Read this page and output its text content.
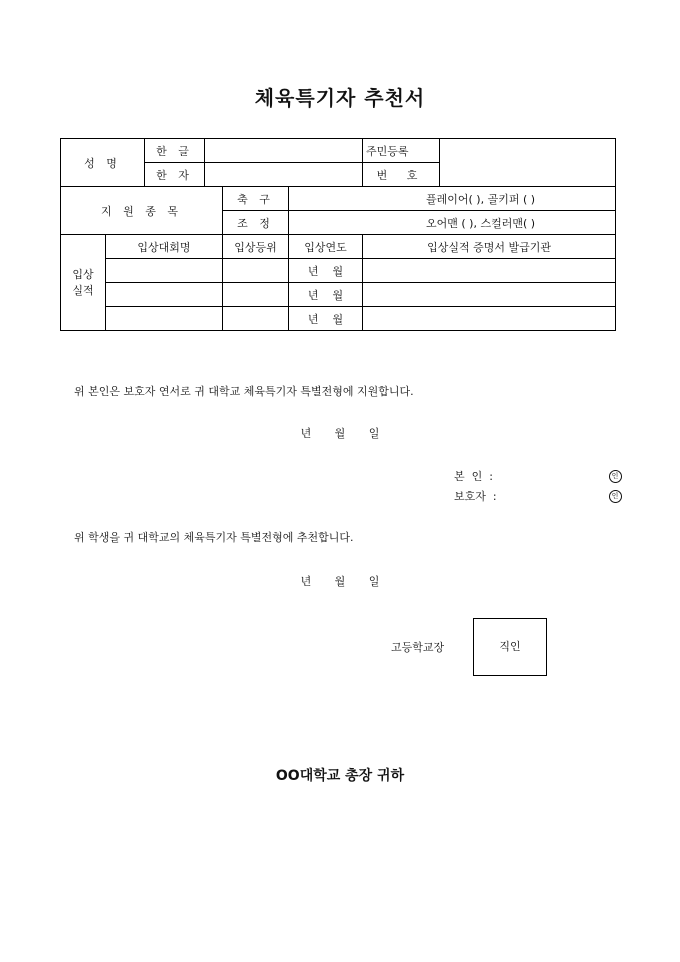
체육특기자 추천서
성 명		한 글				주민등록	
		한 자				번 호	
지 원 종 목				축 구	플레이어( ), 골키퍼 ( )		
				조 정	오어맨 ( ), 스컬러맨( )		
입상
실적	입상대회명			입상등위	입상연도	입상실적 증명서 발급기관	
					년    월		
					년    월		
					년    월		
위 본인은 보호자 연서로 귀 대학교 체육특기자 특별전형에 지원합니다.
년 월 일
본  인  :	인
보호자  :	인
위 학생을 귀 대학교의 체육특기자 특별전형에 추천합니다.
년 월 일
고등학교장	직인
OO대학교 총장 귀하
